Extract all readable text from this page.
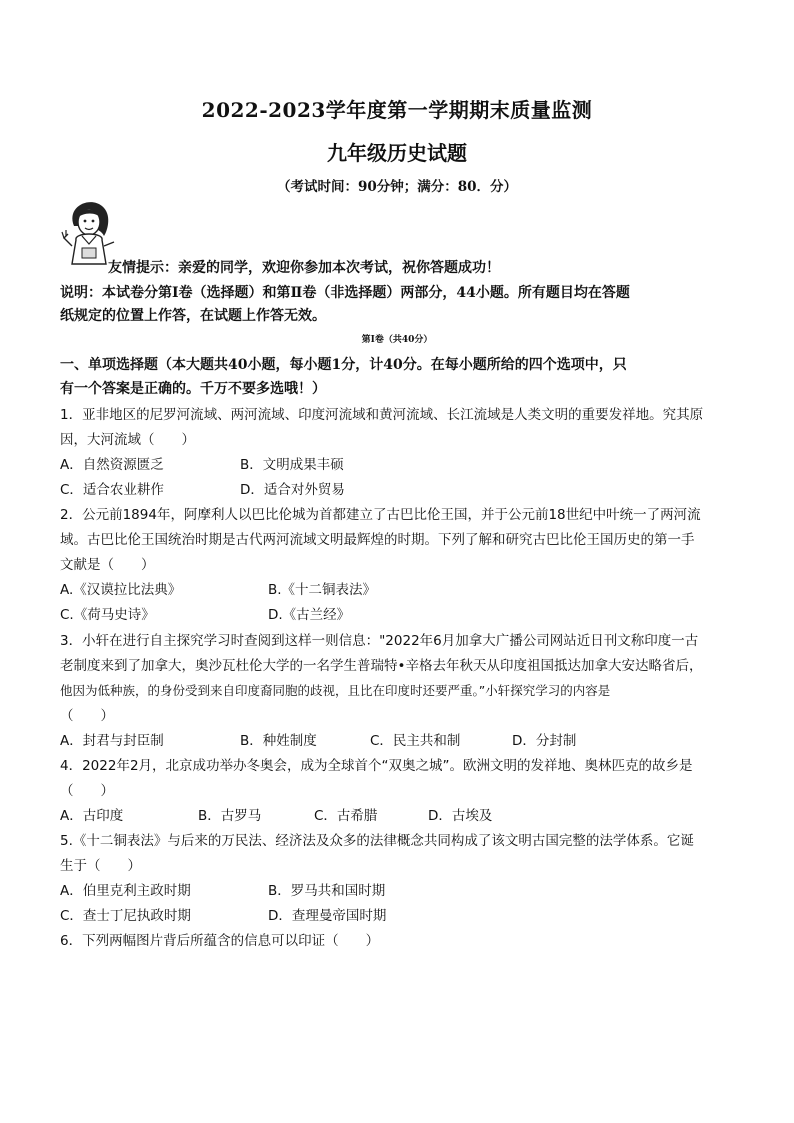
2022-2023学年度第一学期期末质量监测
九年级历史试题
（考试时间：90分钟；满分：80．分）
友情提示：亲爱的同学，欢迎你参加本次考试，祝你答题成功！
说明：本试卷分第Ⅰ卷（选择题）和第Ⅱ卷（非选择题）两部分，44小题。所有题目均在答题
纸规定的位置上作答，在试题上作答无效。
第Ⅰ卷（共40分）
一、单项选择题（本大题共40小题，每小题1分，计40分。在每小题所给的四个选项中，只
有一个答案是正确的。千万不要多选哦！）
1．亚非地区的尼罗河流域、两河流域、印度河流域和黄河流域、长江流域是人类文明的重要发祥地。究其原
因，大河流域（　　）
A．自然资源匮乏	B．文明成果丰硕
C．适合农业耕作	D．适合对外贸易
2．公元前1894年，阿摩利人以巴比伦城为首都建立了古巴比伦王国，并于公元前18世纪中叶统一了两河流
域。古巴比伦王国统治时期是古代两河流域文明最辉煌的时期。下列了解和研究古巴比伦王国历史的第一手
文献是（　　）
A.《汉谟拉比法典》	B.《十二铜表法》
C.《荷马史诗》	D.《古兰经》
3．小轩在进行自主探究学习时查阅到这样一则信息："2022年6月加拿大广播公司网站近日刊文称印度一古
老制度来到了加拿大，奥沙瓦杜伦大学的一名学生普瑞特•辛格去年秋天从印度祖国抵达加拿大安达略省后，
他因为低种族，的身份受到来自印度裔同胞的歧视，且比在印度时还要严重。”小轩探究学习的内容是
（　　）
A．封君与封臣制	B．种姓制度	C．民主共和制	D．分封制
4．2022年2月，北京成功举办冬奥会，成为全球首个“双奥之城”。欧洲文明的发祥地、奥林匹克的故乡是
（　　）
A．古印度	B．古罗马	C．古希腊	D．古埃及
5.《十二铜表法》与后来的万民法、经济法及众多的法律概念共同构成了该文明古国完整的法学体系。它诞
生于（　　）
A．伯里克利主政时期	B．罗马共和国时期
C．查士丁尼执政时期	D．查理曼帝国时期
6．下列两幅图片背后所蕴含的信息可以印证（　　）
